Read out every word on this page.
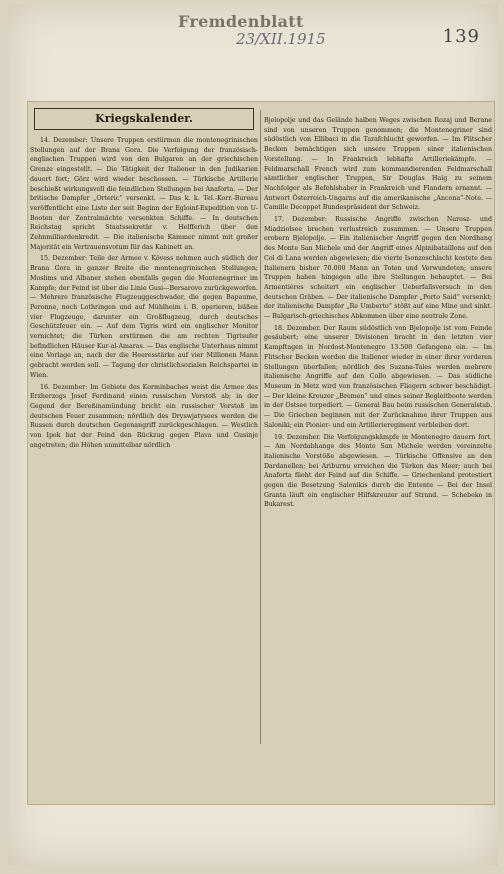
Fremdenblatt
23/XII.1915	139
Kriegskalender.

14. Dezember: Unsere Truppen erstürmen die montenegrinischen Stellungen auf der Brana Gora. Die Verfolgung der französisch-englischen Truppen wird von den Bulgaren an der griechischen Grenze eingestellt. — Die Tätigkeit der Italiener in den Judikarien dauert fort; Görz wird wieder beschossen. — Türkische Artillerie beschießt wirkungsvoll die feindlichen Stellungen bei Anaforta. — Der britische Dampfer „Orteric“ versenkt. — Das k. k. Tel.-Korr.-Bureau veröffentlicht eine Liste der seit Beginn der Egloinf-Expedition von U-Booten der Zentralmächte versenkten Schiffe. — In deutschen Reichstag spricht Staatssekretär v. Helfferich über den Zehnmilliardenkredit. — Die italienische Kammer nimmt mit großer Majorität ein Vertrauensvotum für das Kabinett an.

15. Dezember: Teile der Armee v. Kövess nehmen auch südlich der Brana Gora in ganzer Breite die montenegrinischen Stellungen; Moslims und Albaner stehen ebenfalls gegen die Montenegriner im Kampfe; der Feind ist über die Linie Gusi—Bersarovo zurückgeworfen. — Mehrere französische Flugzeuggeschwader, die gegen Bapaume, Peronne, noch Lothringen und auf Mühlheim i. B. operieren, büßen vier Flugzeuge, darunter ein Großflugzeug, durch deutsches Geschützfeuer ein. — Auf dem Tigris wird ein englischer Monitor vernichtet; die Türken erstürmen die am rechten Tigrisufer befindlichen Häuser Kur-al-Amaras. — Das englische Unterhaus nimmt eine Vorlage an, nach der die Heeresstärke auf vier Millionen Mann gebracht werden soll. — Tagung der christlichsozialen Reichspartei in Wien.

16. Dezember: Im Gebiete des Korminbaches weist die Armee des Erzherzogs Josef Ferdinand einen russischen Vorstoß ab; in der Gegend der Bereßinamündung bricht ein russischer Vorstoß im deutschen Feuer zusammen; nördlich des Dryswjatysees werden die Russen durch deutschen Gegenangriff zurückgeschlagen. — Westlich von Ipek hat der Feind den Rückzug gegen Plava und Gusinje angetreten; die Höhen unmittelbar nördlich

Bjelopolje und das Gelände halben Weges zwischen Rozaj und Berane sind von unseren Truppen genommen; die Montenegriner sind südöstlich von Ellibaci in die Tarafchlucht geworfen. — Im Flitscher Becken bemächtigen sich unsere Truppen einer italienischen Vorstellung. — In Frankreich lebhafte Artilleriekämpfe. — Feldmarschall French wird zum kommandierenden Feldmarschall sämtlicher englischer Truppen, Sir Douglas Haig zu seinem Nachfolger als Befehlshaber in Frankreich und Flandern ernannt. — Antwort Österreich-Ungarns auf die amerikanische „Ancona“-Note. — Camille Decoppet Bundespräsident der Schweiz.

17. Dezember: Russische Angriffe zwischen Narosz- und Miadziolsee brechen verlustreich zusammen. — Unsere Truppen erobern Bjelopolje. — Ein italienischer Angriff gegen den Nordhang des Monte San Michele und der Angriff eines Alpinibataillons auf den Col di Lana werden abgewiesen; die vierte Isonzoschlacht kostete den Italienern bisher 70.000 Mann an Toten und Verwundeten; unsere Truppen haben hingegen alle ihre Stellungen behauptet. — Bei Armentières scheitert ein englischer Ueberfallsversuch in den deutschen Gräben. — Der italienische Dampfer „Porto Said“ versenkt; der italienische Dampfer „Re Umberto“ stößt auf eine Mine und sinkt. — Bulgarisch-griechisches Abkommen über eine neutrale Zone.

18. Dezember. Der Raum südöstlich von Bjelopolje ist vom Feinde gesäubert; eine unserer Divisionen bracht in den letzten vier Kampftagen in Nordost-Montenegro 13.500 Gefangene ein. — Im Flitscher Becken werden die Italiener wieder in einer ihrer vorderen Stellungen überfallen; nördlich des Suzana-Tales werden mehrere italienische Angriffe auf den Collo abgewiesen. — Das südliche Museum in Metz wird von französischen Fliegern schwer beschädigt. — Der kleine Kreuzer „Bremen“ und eines seiner Begleitboote werden in der Ostsee torpediert. — General Bau beim russischen Generalstab. — Die Griechen beginnen mit der Zurücknahme ihrer Truppen aus Saloniki; ein Pionier- und ein Artillerieregiment verbleiben dort.

19. Dezember. Die Verfolgungskämpfe in Montenegro dauern fort. — Am Nordabhange des Monte San Michele werden vereinzelte italienische Vorstöße abgewiesen. — Türkische Offensive an den Dardanellen; bei Ariburnu erreichen die Türken das Meer; auch bei Anaforta flieht der Feind auf die Schiffe. — Griechenland protestiert gegen die Besetzung Salonikis durch die Entente — Bei der Insel Granta läuft ein englischer Hilfskreuzer auf Strand. — Schebeko in Bukarest.
